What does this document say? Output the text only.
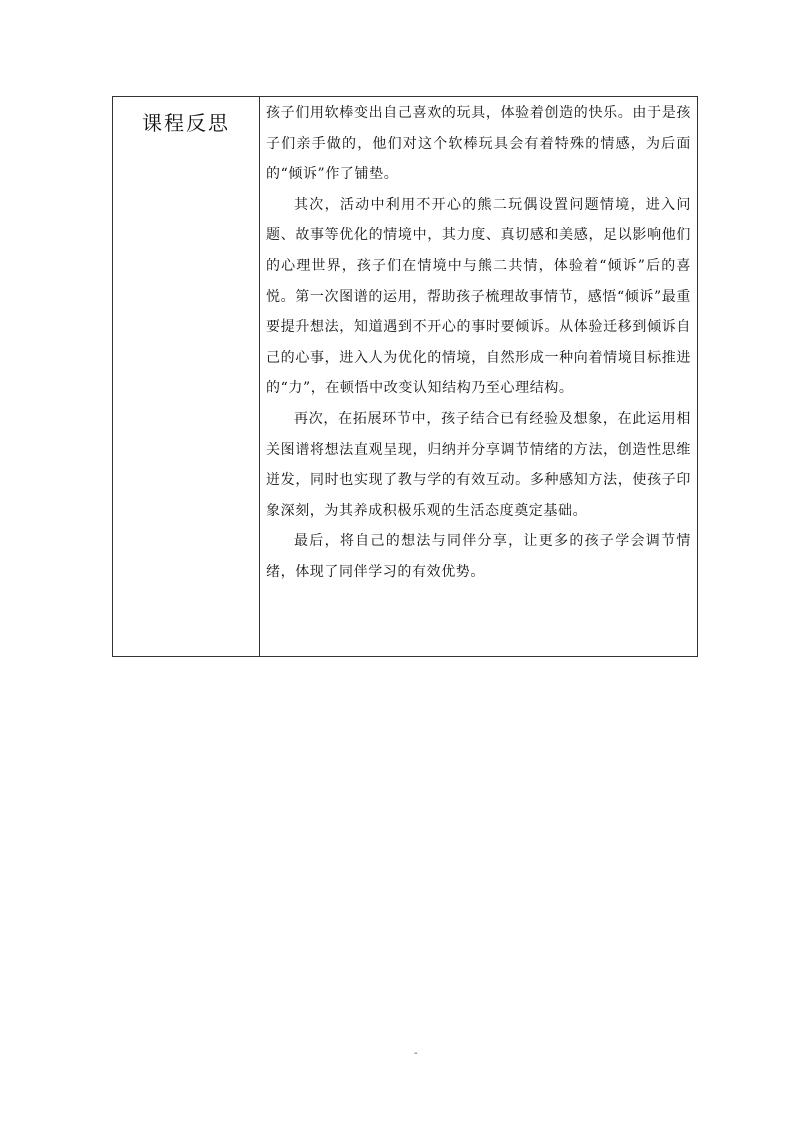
课程反思	孩子们用软棒变出自己喜欢的玩具，体验着创造的快乐。由于是孩子们亲手做的，他们对这个软棒玩具会有着特殊的情感，为后面的“倾诉”作了铺垫。

其次，活动中利用不开心的熊二玩偶设置问题情境，进入问题、故事等优化的情境中，其力度、真切感和美感，足以影响他们的心理世界，孩子们在情境中与熊二共情，体验着“倾诉”后的喜悦。第一次图谱的运用，帮助孩子梳理故事情节，感悟“倾诉”最重要提升想法，知道遇到不开心的事时要倾诉。从体验迁移到倾诉自己的心事，进入人为优化的情境，自然形成一种向着情境目标推进的“力”，在顿悟中改变认知结构乃至心理结构。

再次，在拓展环节中，孩子结合已有经验及想象，在此运用相关图谱将想法直观呈现，归纳并分享调节情绪的方法，创造性思维迸发，同时也实现了教与学的有效互动。多种感知方法，使孩子印象深刻，为其养成积极乐观的生活态度奠定基础。

最后，将自己的想法与同伴分享，让更多的孩子学会调节情绪，体现了同伴学习的有效优势。

-
